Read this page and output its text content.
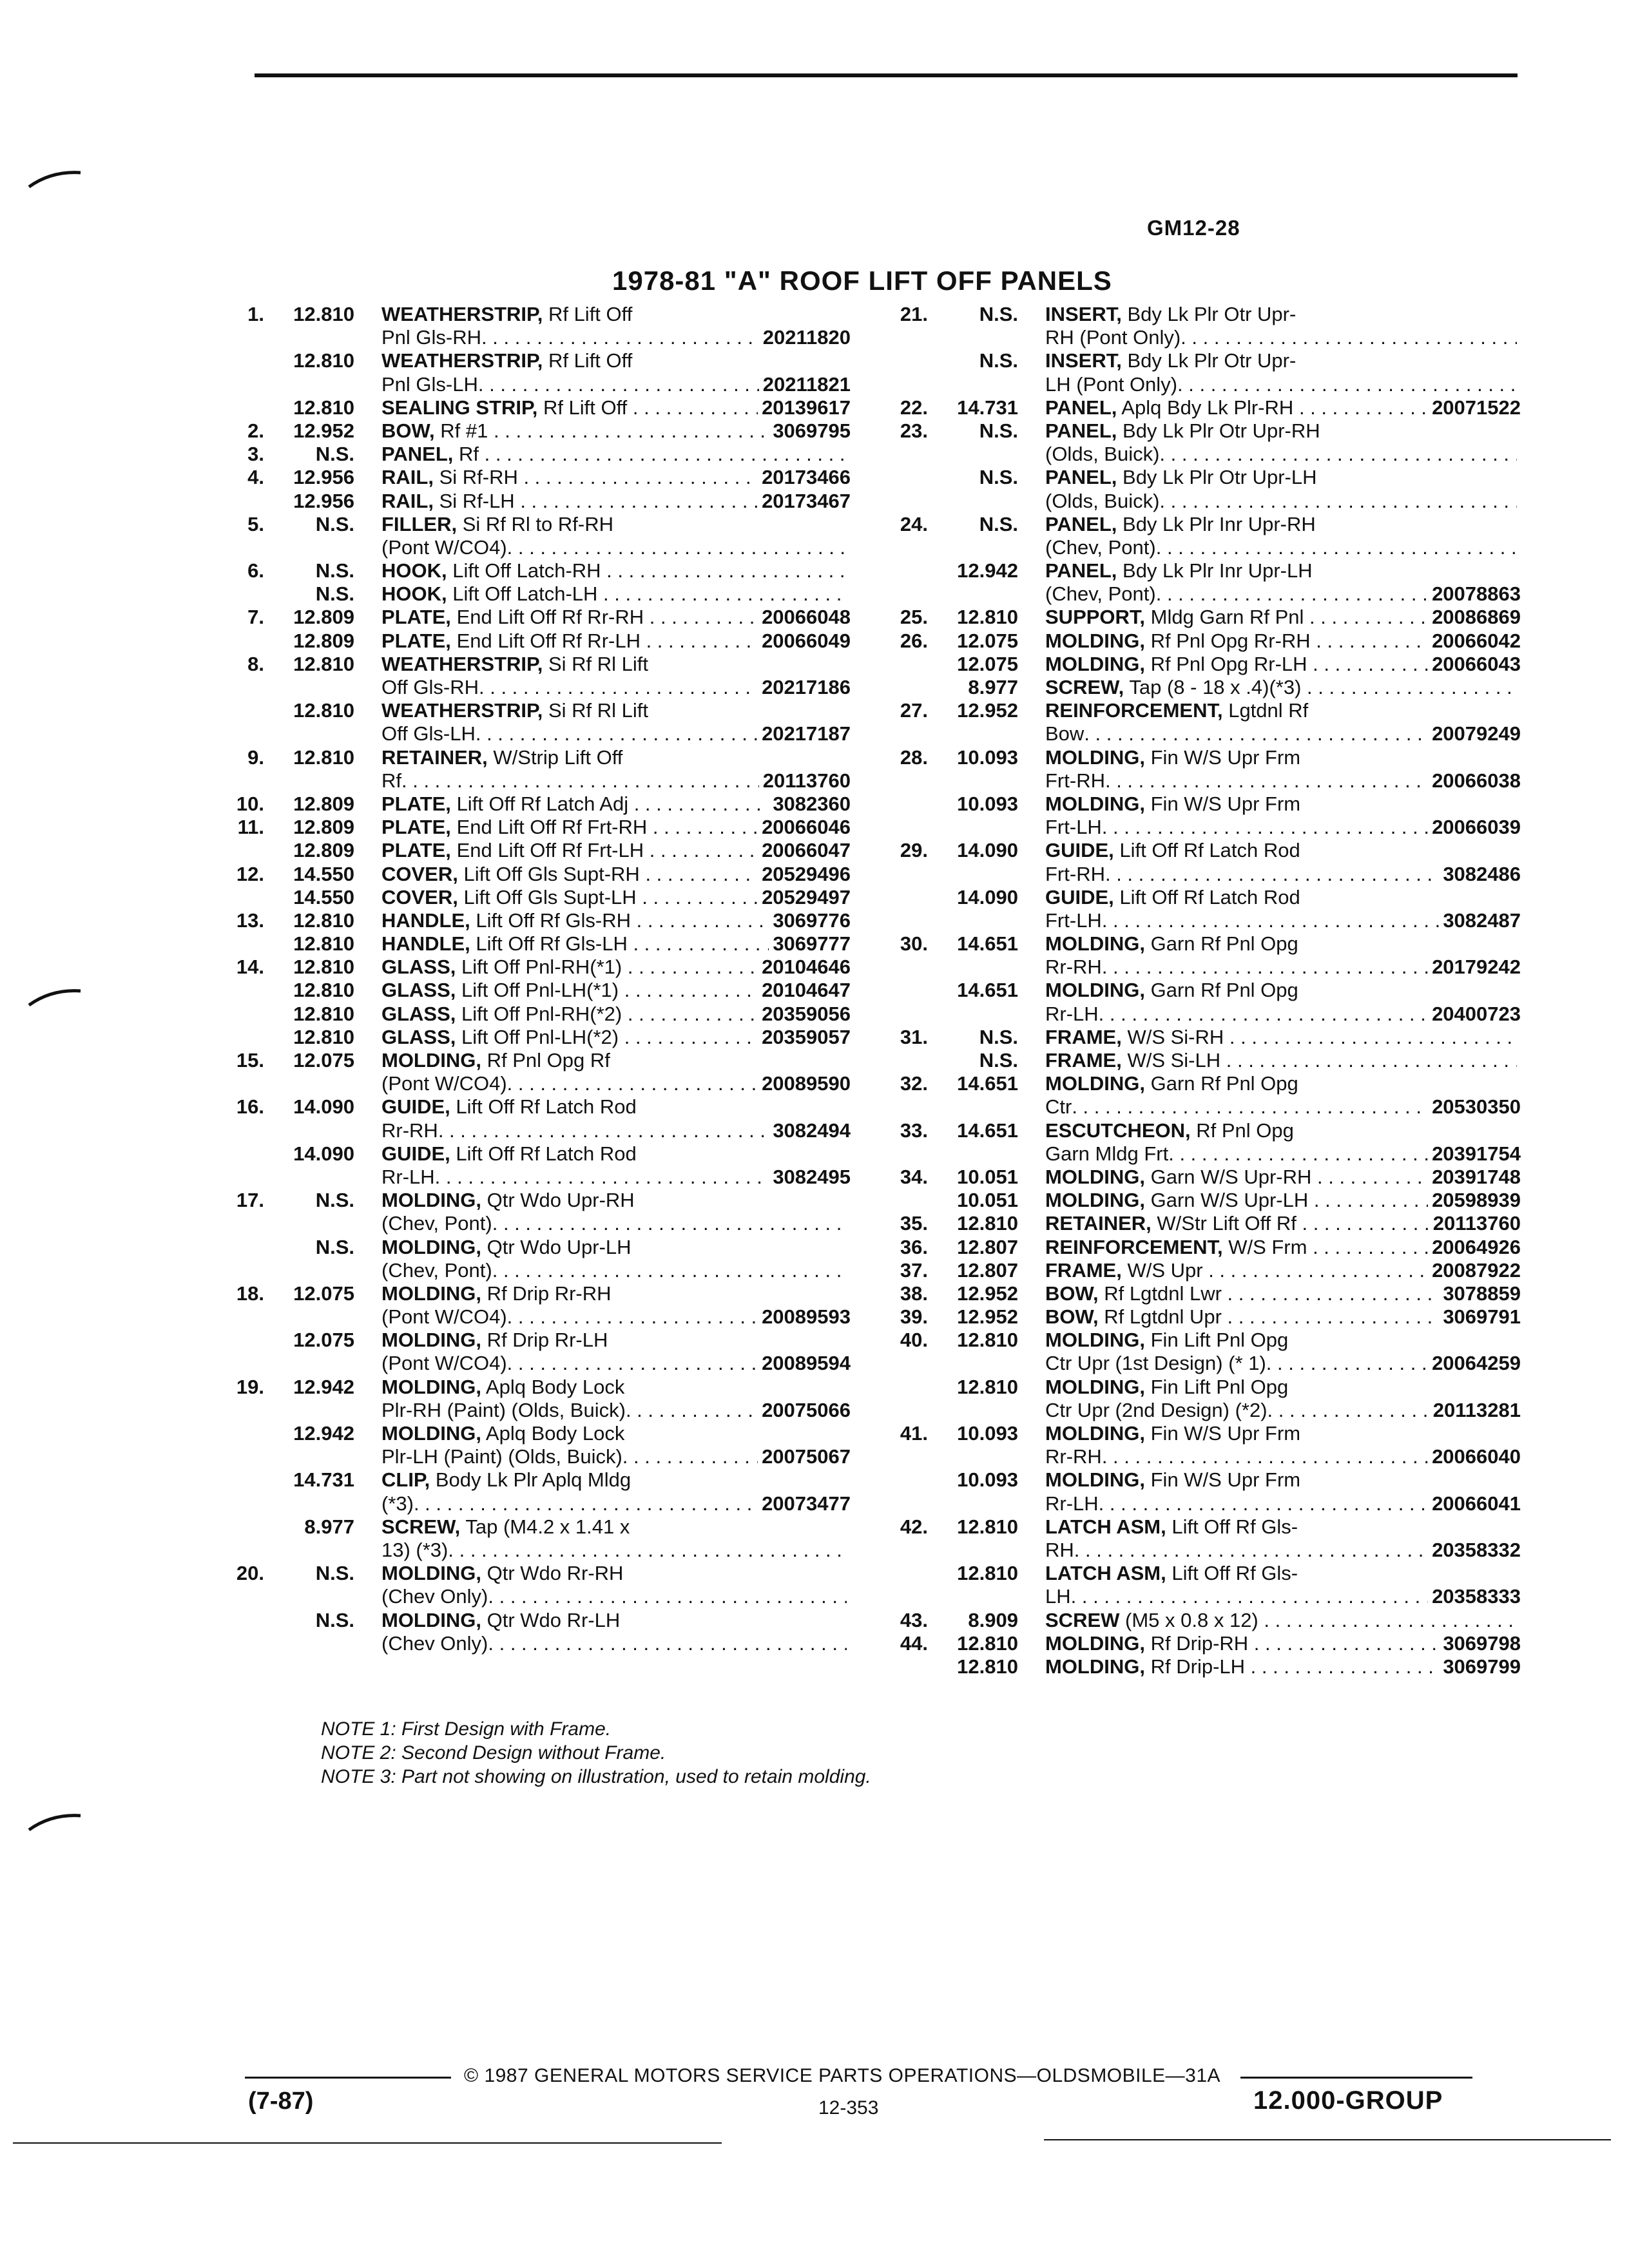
GM12-28
1978-81 "A" ROOF LIFT OFF PANELS
1.	12.810 WEATHERSTRIP, Rf Lift Off
Pnl Gls-RH . . .	20211820
12.810 WEATHERSTRIP, Rf Lift Off
Pnl Gls-LH . . .	20211821
12.810 SEALING STRIP, Rf Lift Off . . .	20139617
2.	12.952 BOW, Rf #1 . . .	3069795
3.	N.S. PANEL, Rf . . .
4.	12.956 RAIL, Si Rf-RH . . .	20173466
12.956 RAIL, Si Rf-LH . . .	20173467
5.	N.S. FILLER, Si Rf Rl to Rf-RH
(Pont W/CO4)
. . .
6.	N.S. HOOK, Lift Off Latch-RH . . .
N.S. HOOK, Lift Off Latch-LH . . .
7.	12.809 PLATE, End Lift Off Rf Rr-RH . . .	20066048
12.809 PLATE, End Lift Off Rf Rr-LH . . .	20066049
8.	12.810 WEATHERSTRIP, Si Rf Rl Lift
Off Gls-RH . . .	20217186
12.810 WEATHERSTRIP, Si Rf Rl Lift
Off Gls-LH . . .	20217187
9.	12.810 RETAINER, W/Strip Lift Off
Rf . . .	20113760
10.	12.809 PLATE, Lift Off Rf Latch Adj . . .	3082360
11.	12.809 PLATE, End Lift Off Rf Frt-RH . . .	20066046
12.809 PLATE, End Lift Off Rf Frt-LH . . .	20066047
12.	14.550 COVER, Lift Off Gls Supt-RH . . .	20529496
14.550 COVER, Lift Off Gls Supt-LH . . .	20529497
13.	12.810 HANDLE, Lift Off Rf Gls-RH . . .	3069776
12.810 HANDLE, Lift Off Rf Gls-LH . . .	3069777
14.	12.810 GLASS, Lift Off Pnl-RH(*1) . . .	20104646
12.810 GLASS, Lift Off Pnl-LH(*1) . . .	20104647
12.810 GLASS, Lift Off Pnl-RH(*2) . . .	20359056
12.810 GLASS, Lift Off Pnl-LH(*2) . . .	20359057
15.	12.075 MOLDING, Rf Pnl Opg Rf
(Pont W/CO4) . . .	20089590
16.	14.090 GUIDE, Lift Off Rf Latch Rod
Rr-RH . . .	3082494
14.090 GUIDE, Lift Off Rf Latch Rod
Rr-LH . . .	3082495
17.	N.S. MOLDING, Qtr Wdo Upr-RH
(Chev, Pont)
. . .
N.S. MOLDING, Qtr Wdo Upr-LH
(Chev, Pont)
. . .
18.	12.075 MOLDING, Rf Drip Rr-RH
(Pont W/CO4) . . .	20089593
12.075 MOLDING, Rf Drip Rr-LH
(Pont W/CO4) . . .	20089594
19.	12.942 MOLDING, Aplq Body Lock
Plr-RH (Paint) (Olds, Buick) . . .	20075066
12.942 MOLDING, Aplq Body Lock
Plr-LH (Paint) (Olds, Buick) . . .	20075067
14.731 CLIP, Body Lk Plr Aplq Mldg
(*3) . . .	20073477
8.977 SCREW, Tap (M4.2 x 1.41 x
13) (*3)
. . .
20.	N.S. MOLDING, Qtr Wdo Rr-RH
(Chev Only)
. . .
N.S. MOLDING, Qtr Wdo Rr-LH
(Chev Only)
. . .
21.	N.S. INSERT, Bdy Lk Plr Otr Upr-
RH (Pont Only)
. . .
N.S. INSERT, Bdy Lk Plr Otr Upr-
LH (Pont Only)
. . .
22.	14.731 PANEL, Aplq Bdy Lk Plr-RH . . .	20071522
23.	N.S. PANEL, Bdy Lk Plr Otr Upr-RH
(Olds, Buick)
. . .
N.S. PANEL, Bdy Lk Plr Otr Upr-LH
(Olds, Buick)
. . .
24.	N.S. PANEL, Bdy Lk Plr Inr Upr-RH
(Chev, Pont)
. . .
12.942 PANEL, Bdy Lk Plr Inr Upr-LH
(Chev, Pont) . . .	20078863
25.	12.810 SUPPORT, Mldg Garn Rf Pnl . . .	20086869
26.	12.075 MOLDING, Rf Pnl Opg Rr-RH . . .	20066042
12.075 MOLDING, Rf Pnl Opg Rr-LH . . .	20066043
8.977 SCREW, Tap (8 - 18 x .4)(*3) . . .
27.	12.952 REINFORCEMENT, Lgtdnl Rf
Bow . . .	20079249
28.	10.093 MOLDING, Fin W/S Upr Frm
Frt-RH . . .	20066038
10.093 MOLDING, Fin W/S Upr Frm
Frt-LH . . .	20066039
29.	14.090 GUIDE, Lift Off Rf Latch Rod
Frt-RH . . .	3082486
14.090 GUIDE, Lift Off Rf Latch Rod
Frt-LH . . .	3082487
30.	14.651 MOLDING, Garn Rf Pnl Opg
Rr-RH . . .	20179242
14.651 MOLDING, Garn Rf Pnl Opg
Rr-LH . . .	20400723
31.	N.S. FRAME, W/S Si-RH . . .
N.S. FRAME, W/S Si-LH . . .
32.	14.651 MOLDING, Garn Rf Pnl Opg
Ctr . . .	20530350
33.	14.651 ESCUTCHEON, Rf Pnl Opg
Garn Mldg Frt . . .	20391754
34.	10.051 MOLDING, Garn W/S Upr-RH . . .	20391748
10.051 MOLDING, Garn W/S Upr-LH . . .	20598939
35.	12.810 RETAINER, W/Str Lift Off Rf . . .	20113760
36.	12.807 REINFORCEMENT, W/S Frm . . .	20064926
37.	12.807 FRAME, W/S Upr . . .	20087922
38.	12.952 BOW, Rf Lgtdnl Lwr . . .	3078859
39.	12.952 BOW, Rf Lgtdnl Upr . . .	3069791
40.	12.810 MOLDING, Fin Lift Pnl Opg
Ctr Upr (1st Design) (* 1) . . .	20064259
12.810 MOLDING, Fin Lift Pnl Opg
Ctr Upr (2nd Design) (*2) . . .	20113281
41.	10.093 MOLDING, Fin W/S Upr Frm
Rr-RH . . .	20066040
10.093 MOLDING, Fin W/S Upr Frm
Rr-LH . . .	20066041
42.	12.810 LATCH ASM, Lift Off Rf Gls-
RH . . .	20358332
12.810 LATCH ASM, Lift Off Rf Gls-
LH . . .	20358333
43.	8.909 SCREW (M5 x 0.8 x 12) . . .
44.	12.810 MOLDING, Rf Drip-RH . . .	3069798
12.810 MOLDING, Rf Drip-LH . . .	3069799
NOTE 1: First Design with Frame.
NOTE 2: Second Design without Frame.
NOTE 3: Part not showing on illustration, used to retain molding.
© 1987 GENERAL MOTORS SERVICE PARTS OPERATIONS—OLDSMOBILE—31A
(7-87)	12-353	12.000-GROUP
